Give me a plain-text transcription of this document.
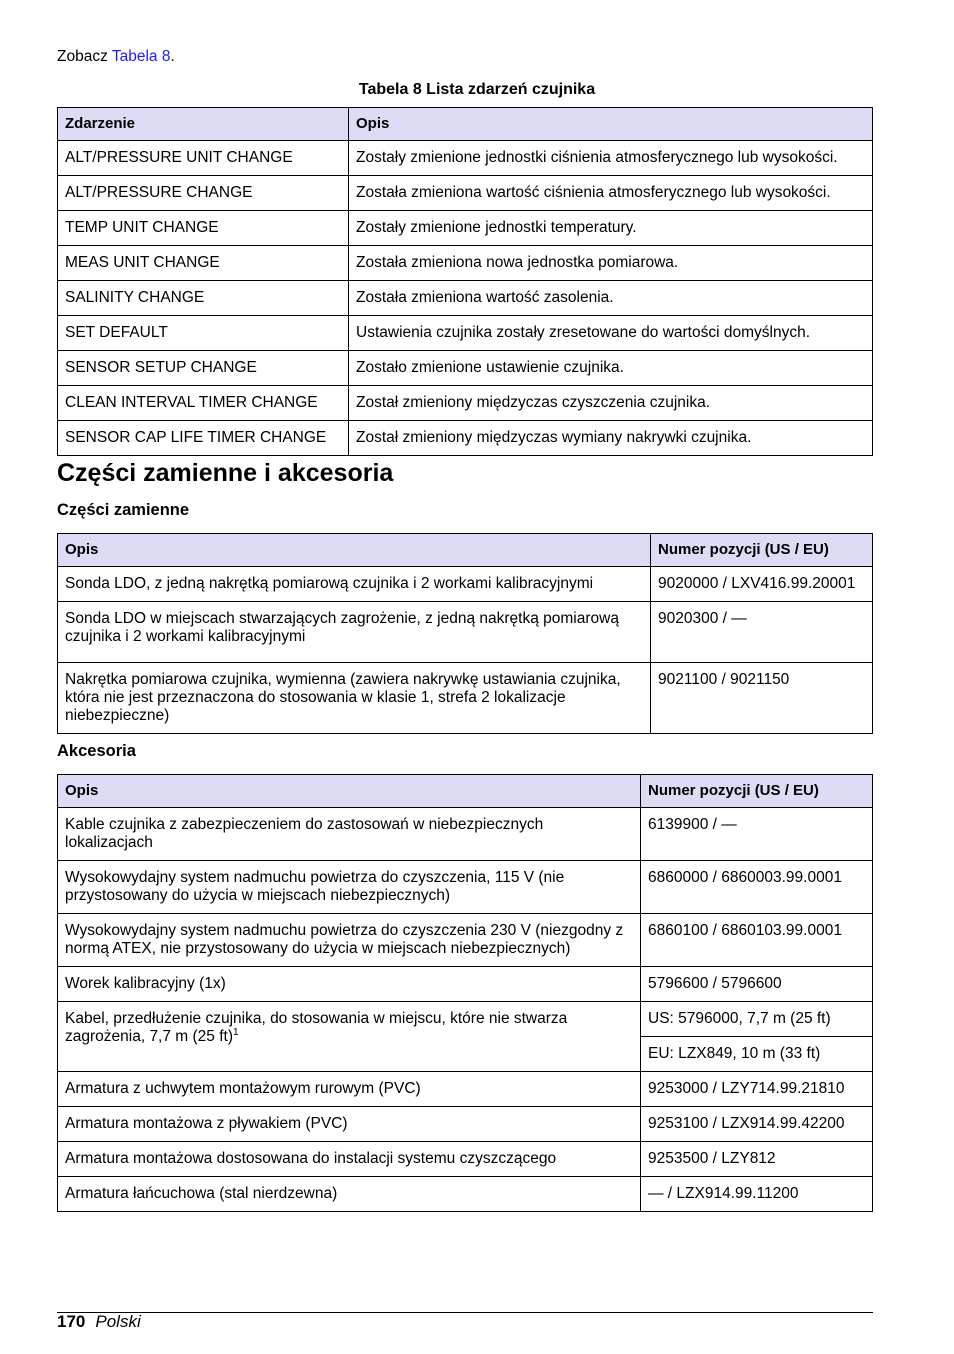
Zobacz Tabela 8.
Tabela 8 Lista zdarzeń czujnika
Zdarzenie	Opis
ALT/PRESSURE UNIT CHANGE	Zostały zmienione jednostki ciśnienia atmosferycznego lub wysokości.
ALT/PRESSURE CHANGE	Została zmieniona wartość ciśnienia atmosferycznego lub wysokości.
TEMP UNIT CHANGE	Zostały zmienione jednostki temperatury.
MEAS UNIT CHANGE	Została zmieniona nowa jednostka pomiarowa.
SALINITY CHANGE	Została zmieniona wartość zasolenia.
SET DEFAULT	Ustawienia czujnika zostały zresetowane do wartości domyślnych.
SENSOR SETUP CHANGE	Zostało zmienione ustawienie czujnika.
CLEAN INTERVAL TIMER CHANGE	Został zmieniony międzyczas czyszczenia czujnika.
SENSOR CAP LIFE TIMER CHANGE	Został zmieniony międzyczas wymiany nakrywki czujnika.
Części zamienne i akcesoria
Części zamienne
Opis	Numer pozycji (US / EU)
Sonda LDO, z jedną nakrętką pomiarową czujnika i 2 workami kalibracyjnymi	9020000 / LXV416.99.20001
Sonda LDO w miejscach stwarzających zagrożenie, z jedną nakrętką pomiarową czujnika i 2 workami kalibracyjnymi	9020300 / —
Nakrętka pomiarowa czujnika, wymienna (zawiera nakrywkę ustawiania czujnika, która nie jest przeznaczona do stosowania w klasie 1, strefa 2 lokalizacje niebezpieczne)	9021100 / 9021150
Akcesoria
Opis	Numer pozycji (US / EU)
Kable czujnika z zabezpieczeniem do zastosowań w niebezpiecznych lokalizacjach	6139900 / —
Wysokowydajny system nadmuchu powietrza do czyszczenia, 115 V (nie przystosowany do użycia w miejscach niebezpiecznych)	6860000 / 6860003.99.0001
Wysokowydajny system nadmuchu powietrza do czyszczenia 230 V (niezgodny z normą ATEX, nie przystosowany do użycia w miejscach niebezpiecznych)	6860100 / 6860103.99.0001
Worek kalibracyjny (1x)	5796600 / 5796600
Kabel, przedłużenie czujnika, do stosowania w miejscu, które nie stwarza zagrożenia, 7,7 m (25 ft)$^1$	US: 5796000, 7,7 m (25 ft)
	EU: LZX849, 10 m (33 ft)
Armatura z uchwytem montażowym rurowym (PVC)	9253000 / LZY714.99.21810
Armatura montażowa z pływakiem (PVC)	9253100 / LZX914.99.42200
Armatura montażowa dostosowana do instalacji systemu czyszczącego	9253500 / LZY812
Armatura łańcuchowa (stal nierdzewna)	— / LZX914.99.11200
170 Polski
